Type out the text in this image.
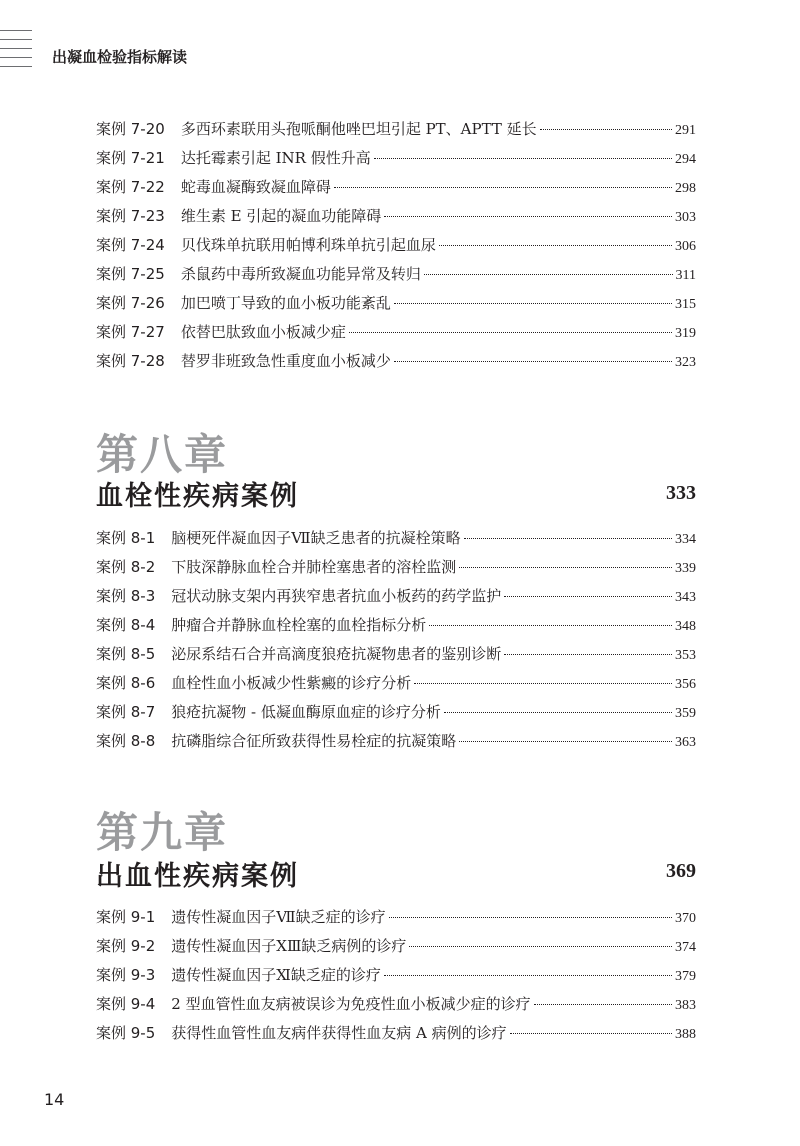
出凝血检验指标解读
案例 7-20 多西环素联用头孢哌酮他唑巴坦引起 PT、APTT 延长	291
案例 7-21 达托霉素引起 INR 假性升高	294
案例 7-22 蛇毒血凝酶致凝血障碍	298
案例 7-23 维生素 E 引起的凝血功能障碍	303
案例 7-24 贝伐珠单抗联用帕博利珠单抗引起血尿	306
案例 7-25 杀鼠药中毒所致凝血功能异常及转归	311
案例 7-26 加巴喷丁导致的血小板功能紊乱	315
案例 7-27 依替巴肽致血小板减少症	319
案例 7-28 替罗非班致急性重度血小板减少	323
第八章
血栓性疾病案例	333
案例 8-1 脑梗死伴凝血因子Ⅶ缺乏患者的抗凝栓策略	334
案例 8-2 下肢深静脉血栓合并肺栓塞患者的溶栓监测	339
案例 8-3 冠状动脉支架内再狭窄患者抗血小板药的药学监护	343
案例 8-4 肿瘤合并静脉血栓栓塞的血栓指标分析	348
案例 8-5 泌尿系结石合并高滴度狼疮抗凝物患者的鉴别诊断	353
案例 8-6 血栓性血小板减少性紫癜的诊疗分析	356
案例 8-7 狼疮抗凝物 - 低凝血酶原血症的诊疗分析	359
案例 8-8 抗磷脂综合征所致获得性易栓症的抗凝策略	363
第九章
出血性疾病案例	369
案例 9-1 遗传性凝血因子Ⅶ缺乏症的诊疗	370
案例 9-2 遗传性凝血因子ⅩⅢ缺乏病例的诊疗	374
案例 9-3 遗传性凝血因子Ⅺ缺乏症的诊疗	379
案例 9-4 2 型血管性血友病被误诊为免疫性血小板减少症的诊疗	383
案例 9-5 获得性血管性血友病伴获得性血友病 A 病例的诊疗	388
14
